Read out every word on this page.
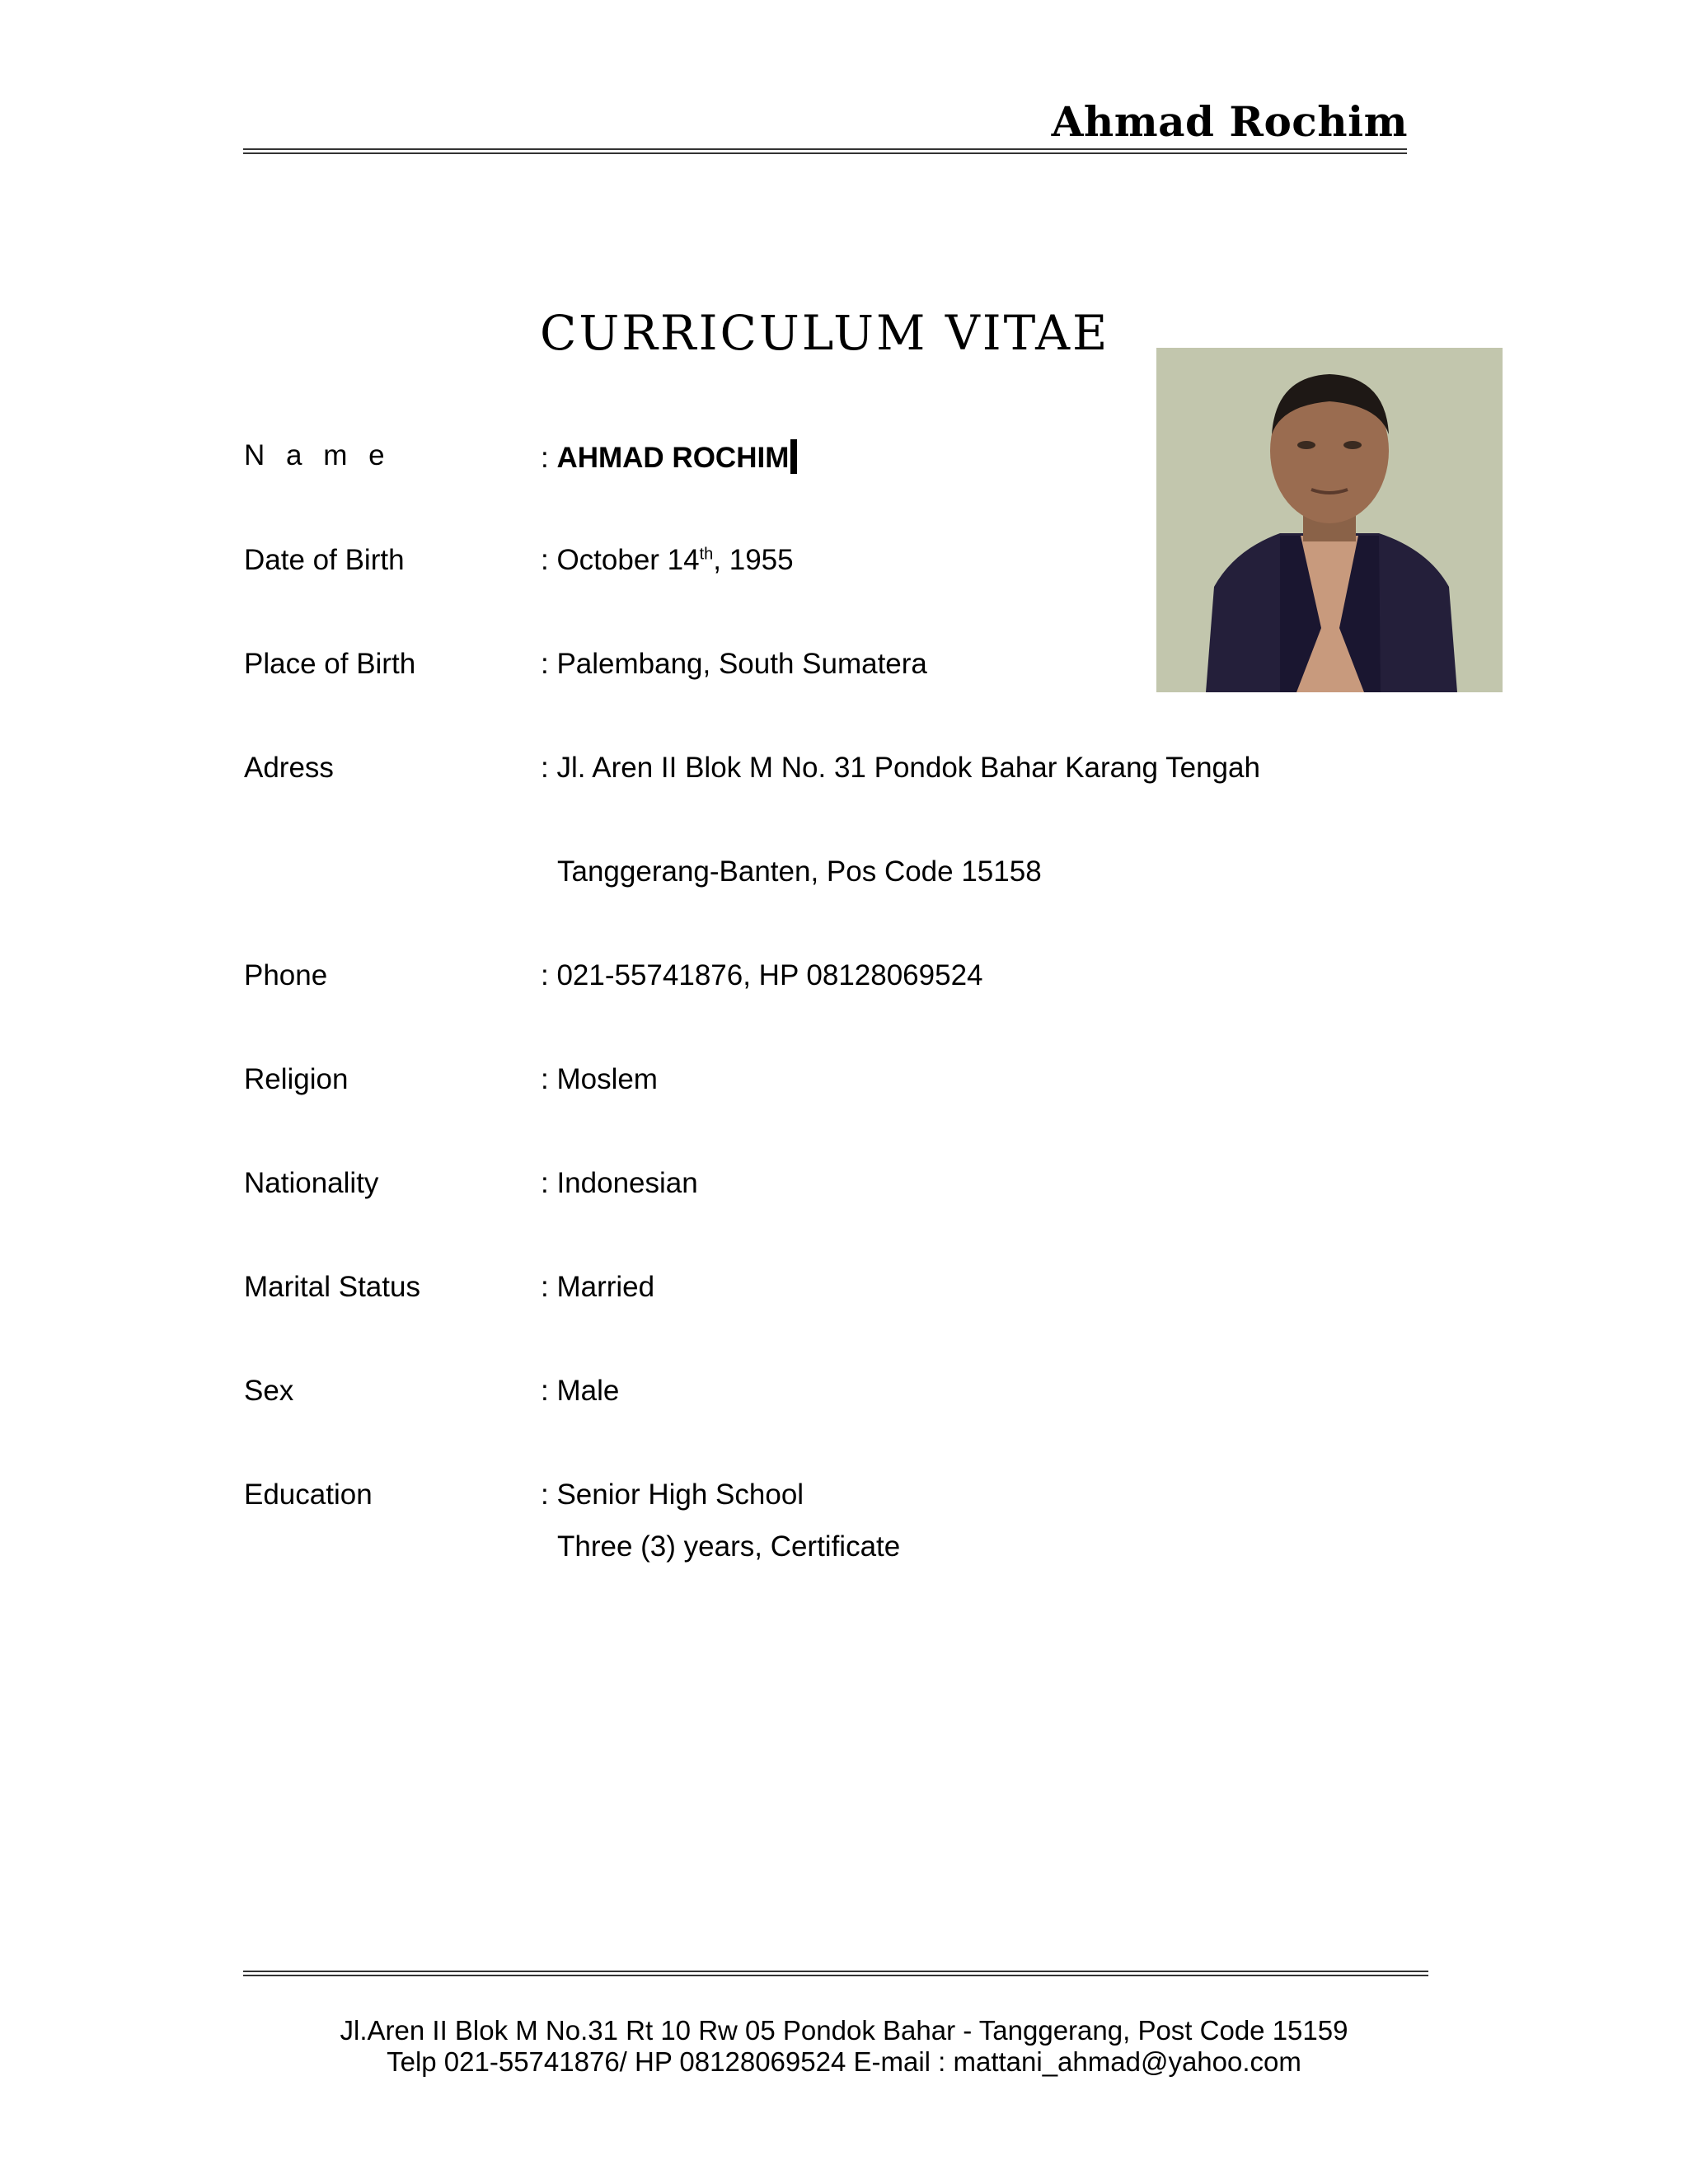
Ahmad Rochim
CURRICULUM VITAE
N a m e	: AHMAD ROCHIM
Date of Birth	: October 14th, 1955
Place of Birth	: Palembang, South Sumatera
Adress	: Jl. Aren II Blok M No. 31 Pondok Bahar Karang Tengah
Tanggerang-Banten, Pos Code 15158
Phone	: 021-55741876, HP 08128069524
Religion	: Moslem
Nationality	: Indonesian
Marital Status	: Married
Sex	: Male
Education	: Senior High School
Three (3) years, Certificate
Jl.Aren II Blok M No.31 Rt 10 Rw 05 Pondok Bahar - Tanggerang, Post Code 15159
Telp 021-55741876/ HP 08128069524 E-mail : mattani_ahmad@yahoo.com
